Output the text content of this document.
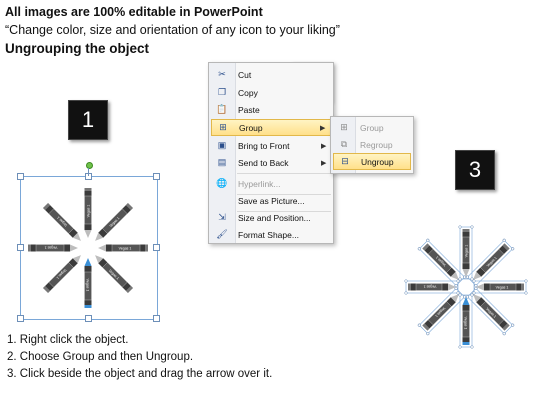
All images are 100% editable in PowerPoint
“Change color, size and orientation of any icon to your liking”
Ungrouping the object
1
Vegas 1
Vegas 1
Vegas 1
Vegas 1
Vegas 1
Vegas 1
Vegas 1
Vegas 1
✂	Cut
❐	Copy
📋	Paste
⊞	Group	▶
▣	Bring to Front	▶
▤	Send to Back	▶
🌐	Hyperlink...
Save as Picture...
⇲	Size and Position...
🖌	Format Shape...
⊞	Group
⧉	Regroup
⊟	Ungroup	3
Vegas 1
Vegas 1
Vegas 1
Vegas 1
Vegas 1
Vegas 1
Vegas 1
Vegas 1
1. Right click the object.
2. Choose Group and then Ungroup.
3. Click beside the object and drag the arrow over it.
